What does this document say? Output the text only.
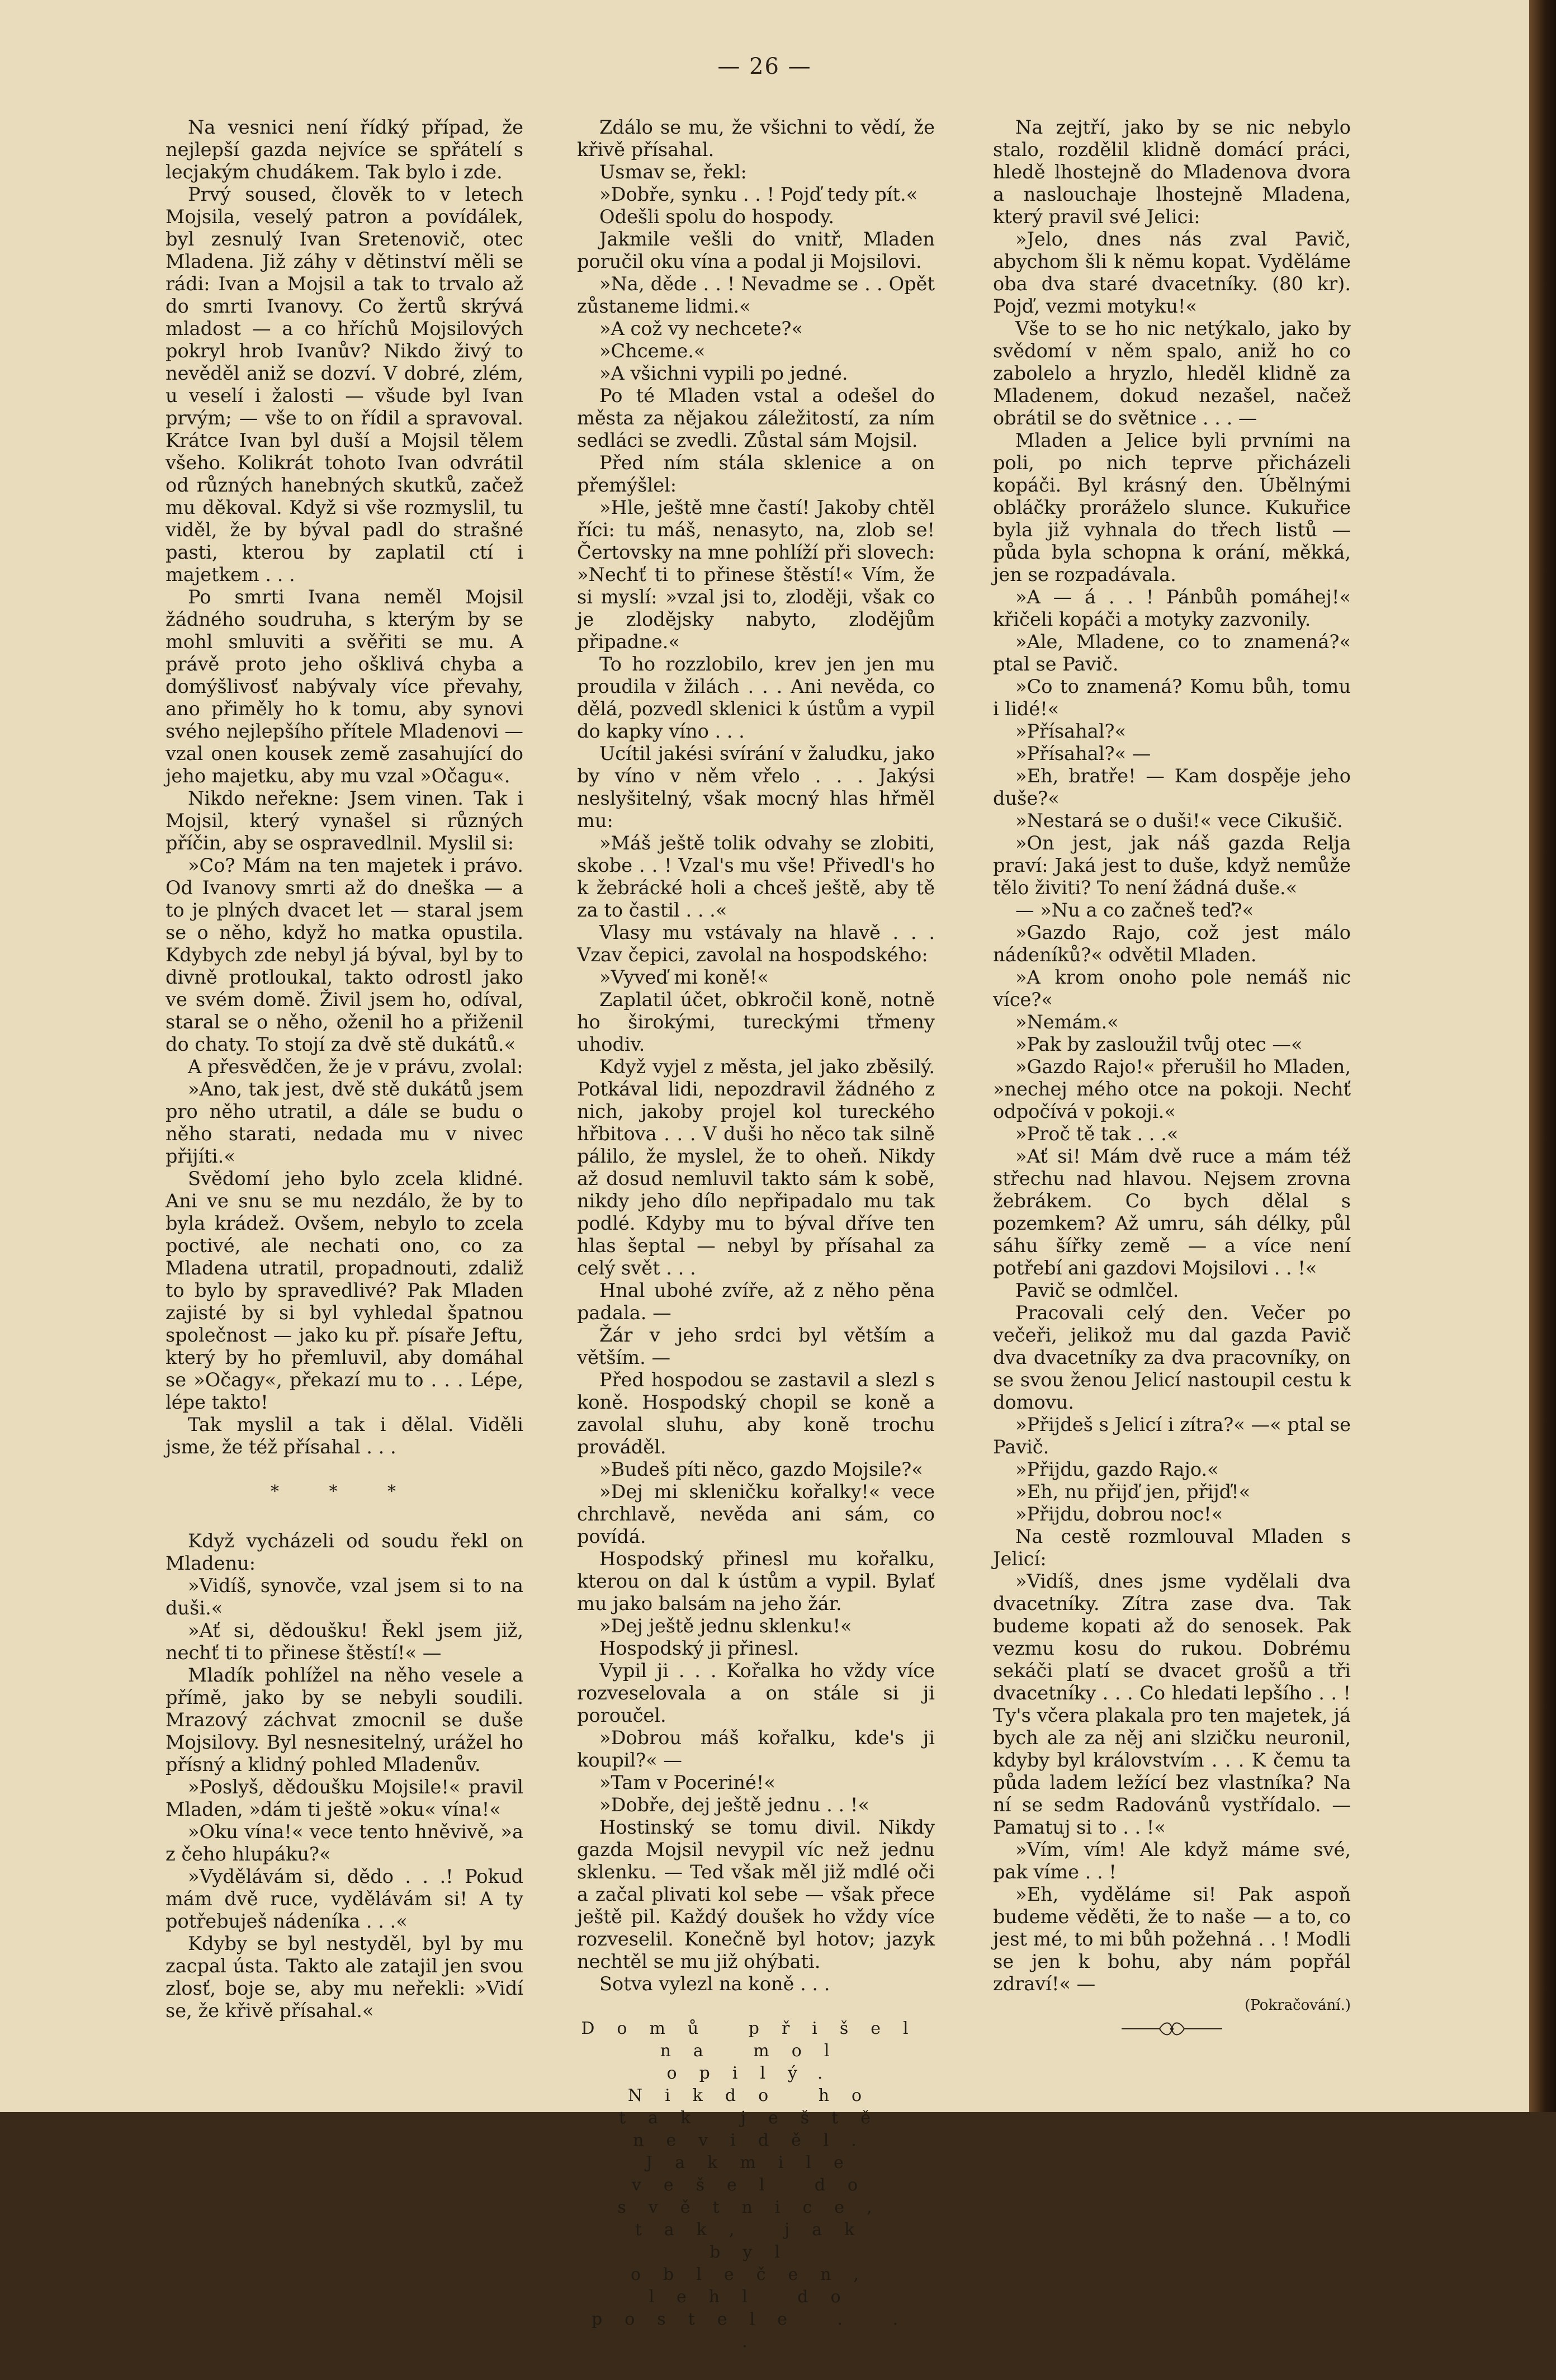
— 26 —

Na vesnici není řídký případ, že nejlepší gazda nejvíce se spřátelí s lecjakým chudákem. Tak bylo i zde.

Prvý soused, člověk to v letech Mojsila, veselý patron a povídálek, byl zesnulý Ivan Sretenovič, otec Mladena. Již záhy v dětinství měli se rádi: Ivan a Mojsil a tak to trvalo až do smrti Ivanovy. Co žertů skrývá mladost — a co hříchů Mojsilových pokryl hrob Ivanův? Nikdo živý to nevěděl aniž se dozví. V dobré, zlém, u veselí i žalosti — všude byl Ivan prvým; — vše to on řídil a spravoval. Krátce Ivan byl duší a Mojsil tělem všeho. Kolikrát tohoto Ivan odvrátil od různých hanebných skutků, začež mu děkoval. Když si vše rozmyslil, tu viděl, že by býval padl do strašné pasti, kterou by zaplatil ctí i majetkem . . .

Po smrti Ivana neměl Mojsil žádného soudruha, s kterým by se mohl smluviti a svěřiti se mu. A právě proto jeho ošklivá chyba a domýšlivosť nabývaly více převahy, ano přiměly ho k tomu, aby synovi svého nejlepšího přítele Mladenovi — vzal onen kousek země zasahující do jeho majetku, aby mu vzal »Očagu«.

Nikdo neřekne: Jsem vinen. Tak i Mojsil, který vynašel si různých příčin, aby se ospravedlnil. Myslil si:

»Co? Mám na ten majetek i právo. Od Ivanovy smrti až do dneška — a to je plných dvacet let — staral jsem se o něho, když ho matka opustila. Kdybych zde nebyl já býval, byl by to divně protloukal, takto odrostl jako ve svém domě. Živil jsem ho, odíval, staral se o něho, oženil ho a přiženil do chaty. To stojí za dvě stě dukátů.«

A přesvědčen, že je v právu, zvolal:

»Ano, tak jest, dvě stě dukátů jsem pro něho utratil, a dále se budu o něho starati, nedada mu v nivec přijíti.«

Svědomí jeho bylo zcela klidné. Ani ve snu se mu nezdálo, že by to byla krádež. Ovšem, nebylo to zcela poctivé, ale nechati ono, co za Mladena utratil, propadnouti, zdaliž to bylo by spravedlivé? Pak Mladen zajisté by si byl vyhledal špatnou společnost — jako ku př. písaře Jeftu, který by ho přemluvil, aby domáhal se »Očagy«, překazí mu to . . . Lépe, lépe takto!

Tak myslil a tak i dělal. Viděli jsme, že též přísahal . . .

* * *

Když vycházeli od soudu řekl on Mladenu:

»Vidíš, synovče, vzal jsem si to na duši.«

»Ať si, dědoušku! Řekl jsem již, nechť ti to přinese štěstí!« —

Mladík pohlížel na něho vesele a přímě, jako by se nebyli soudili. Mrazový záchvat zmocnil se duše Mojsilovy. Byl nesnesitelný, urážel ho přísný a klidný pohled Mladenův.

»Poslyš, dědoušku Mojsile!« pravil Mladen, »dám ti ještě »oku« vína!«

»Oku vína!« vece tento hněvivě, »a z čeho hlupáku?«

»Vydělávám si, dědo . . .! Pokud mám dvě ruce, vydělávám si! A ty potřebuješ nádeníka . . .«

Kdyby se byl nestyděl, byl by mu zacpal ústa. Takto ale zatajil jen svou zlosť, boje se, aby mu neřekli: »Vidí se, že křivě přísahal.«

Zdálo se mu, že všichni to vědí, že křivě přísahal.

Usmav se, řekl:

»Dobře, synku . . ! Pojď tedy pít.«

Odešli spolu do hospody.

Jakmile vešli do vnitř, Mladen poručil oku vína a podal ji Mojsilovi.

»Na, děde . . ! Nevadme se . . Opět zůstaneme lidmi.«

»A což vy nechcete?«

»Chceme.«

»A všichni vypili po jedné.

Po té Mladen vstal a odešel do města za nějakou záležitostí, za ním sedláci se zvedli. Zůstal sám Mojsil.

Před ním stála sklenice a on přemýšlel:

»Hle, ještě mne častí! Jakoby chtěl říci: tu máš, nenasyto, na, zlob se! Čertovsky na mne pohlíží při slovech: »Nechť ti to přinese štěstí!« Vím, že si myslí: »vzal jsi to, zloději, však co je zlodějsky nabyto, zlodějům připadne.«

To ho rozzlobilo, krev jen jen mu proudila v žilách . . . Ani nevěda, co dělá, pozvedl sklenici k ústům a vypil do kapky víno . . .

Ucítil jakési svírání v žaludku, jako by víno v něm vřelo . . . Jakýsi neslyšitelný, však mocný hlas hřměl mu:

»Máš ještě tolik odvahy se zlobiti, skobe . . ! Vzal's mu vše! Přivedl's ho k žebrácké holi a chceš ještě, aby tě za to častil . . .«

Vlasy mu vstávaly na hlavě . . . Vzav čepici, zavolal na hospodského:

»Vyveď mi koně!«

Zaplatil účet, obkročil koně, notně ho širokými, tureckými třmeny uhodiv.

Když vyjel z města, jel jako zběsilý. Potkával lidi, nepozdravil žádného z nich, jakoby projel kol tureckého hřbitova . . . V duši ho něco tak silně pálilo, že myslel, že to oheň. Nikdy až dosud nemluvil takto sám k sobě, nikdy jeho dílo nepřipadalo mu tak podlé. Kdyby mu to býval dříve ten hlas šeptal — nebyl by přísahal za celý svět . . .

Hnal ubohé zvíře, až z něho pěna padala. —

Žár v jeho srdci byl větším a větším. —

Před hospodou se zastavil a slezl s koně. Hospodský chopil se koně a zavolal sluhu, aby koně trochu prováděl.

»Budeš píti něco, gazdo Mojsile?«

»Dej mi skleničku kořalky!« vece chrchlavě, nevěda ani sám, co povídá.

Hospodský přinesl mu kořalku, kterou on dal k ústům a vypil. Bylať mu jako balsám na jeho žár.

»Dej ještě jednu sklenku!«

Hospodský ji přinesl.

Vypil ji . . . Kořalka ho vždy více rozveselovala a on stále si ji poroučel.

»Dobrou máš kořalku, kde's ji koupil?« —

»Tam v Poceriné!«

»Dobře, dej ještě jednu . . !«

Hostinský se tomu divil. Nikdy gazda Mojsil nevypil víc než jednu sklenku. — Ted však měl již mdlé oči a začal plivati kol sebe — však přece ještě pil. Každý doušek ho vždy více rozveselil. Konečně byl hotov; jazyk nechtěl se mu již ohýbati.

Sotva vylezl na koně . . .

Domů přišel na mol opilý. Nikdo ho tak ještě neviděl. Jakmile vešel do světnice, tak, jak byl oblečen, lehl do postele . . .

Na zejtří, jako by se nic nebylo stalo, rozdělil klidně domácí práci, hledě lhostejně do Mladenova dvora a naslouchaje lhostejně Mladena, který pravil své Jelici:

»Jelo, dnes nás zval Pavič, abychom šli k němu kopat. Vyděláme oba dva staré dvacetníky. (80 kr). Pojď, vezmi motyku!«

Vše to se ho nic netýkalo, jako by svědomí v něm spalo, aniž ho co zabolelo a hryzlo, hleděl klidně za Mladenem, dokud nezašel, načež obrátil se do světnice . . . —

Mladen a Jelice byli prvními na poli, po nich teprve přicházeli kopáči. Byl krásný den. Úbělnými obláčky proráželo slunce. Kukuřice byla již vyhnala do třech listů — půda byla schopna k orání, měkká, jen se rozpadávala.

»A — á . . ! Pánbůh pomáhej!« křičeli kopáči a motyky zazvonily.

»Ale, Mladene, co to znamená?« ptal se Pavič.

»Co to znamená? Komu bůh, tomu i lidé!«

»Přísahal?«

»Přísahal?« —

»Eh, bratře! — Kam dospěje jeho duše?«

»Nestará se o duši!« vece Cikušič.

»On jest, jak náš gazda Relja praví: Jaká jest to duše, když nemůže tělo živiti? To není žádná duše.«

— »Nu a co začneš teď?«

»Gazdo Rajo, což jest málo nádeníků?« odvětil Mladen.

»A krom onoho pole nemáš nic více?«

»Nemám.«

»Pak by zasloužil tvůj otec —«

»Gazdo Rajo!« přerušil ho Mladen, »nechej mého otce na pokoji. Nechť odpočívá v pokoji.«

»Proč tě tak . . .«

»Ať si! Mám dvě ruce a mám též střechu nad hlavou. Nejsem zrovna žebrákem. Co bych dělal s pozemkem? Až umru, sáh délky, půl sáhu šířky země — a více není potřebí ani gazdovi Mojsilovi . . !«

Pavič se odmlčel.

Pracovali celý den. Večer po večeři, jelikož mu dal gazda Pavič dva dvacetníky za dva pracovníky, on se svou ženou Jelicí nastoupil cestu k domovu.

»Přijdeš s Jelicí i zítra?« —« ptal se Pavič.

»Přijdu, gazdo Rajo.«

»Eh, nu přijď jen, přijď!«

»Přijdu, dobrou noc!«

Na cestě rozmlouval Mladen s Jelicí:

»Vidíš, dnes jsme vydělali dva dvacetníky. Zítra zase dva. Tak budeme kopati až do senosek. Pak vezmu kosu do rukou. Dobrému sekáči platí se dvacet grošů a tři dvacetníky . . . Co hledati lepšího . . ! Ty's včera plakala pro ten majetek, já bych ale za něj ani slzičku neuronil, kdyby byl královstvím . . . K čemu ta půda ladem ležící bez vlastníka? Na ní se sedm Radovánů vystřídalo. — Pamatuj si to . . !«

»Vím, vím! Ale když máme své, pak víme . . !

»Eh, vyděláme si! Pak aspoň budeme věděti, že to naše — a to, co jest mé, to mi bůh požehná . . ! Modli se jen k bohu, aby nám popřál zdraví!« —

(Pokračování.)
